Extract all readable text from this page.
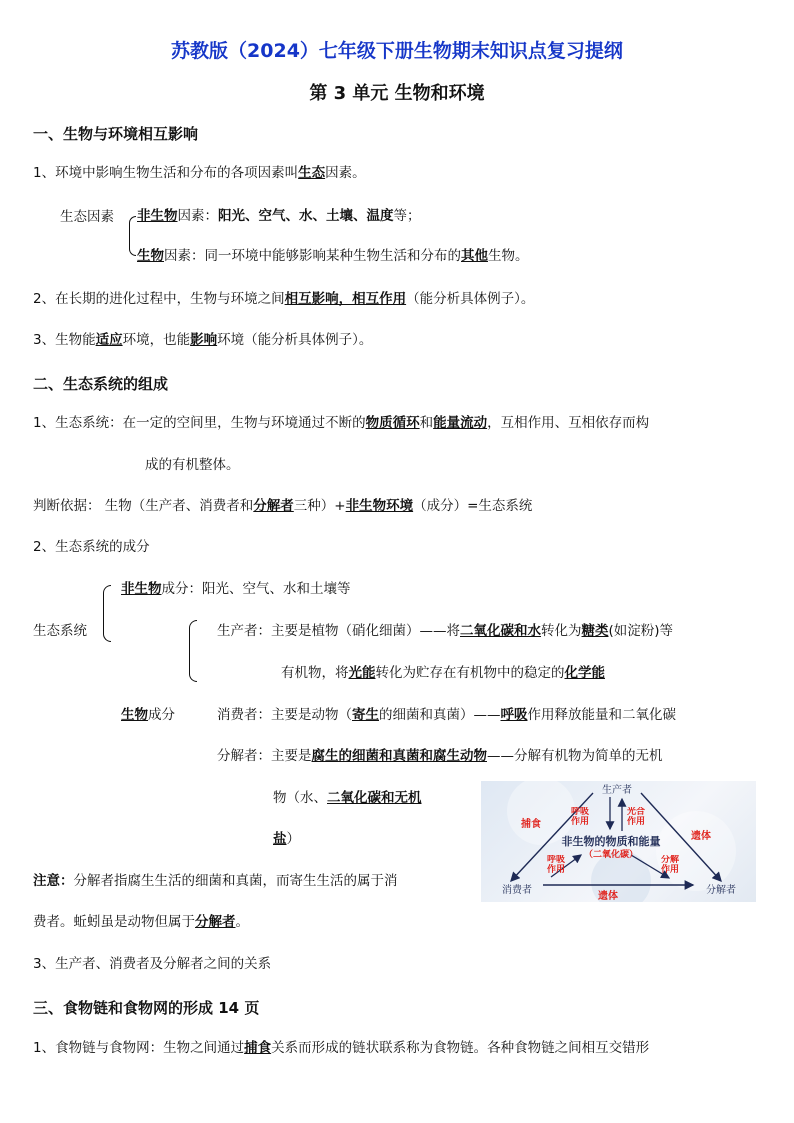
苏教版（2024）七年级下册生物期末知识点复习提纲
第 3 单元 生物和环境
一、生物与环境相互影响
1、环境中影响生物生活和分布的各项因素叫生态因素。
生态因素 非生物因素：阳光、空气、水、土壤、温度等；
生物因素：同一环境中能够影响某种生物生活和分布的其他生物。
2、在长期的进化过程中，生物与环境之间相互影响，相互作用（能分析具体例子）。
3、生物能适应环境，也能影响环境（能分析具体例子）。
二、生态系统的组成
1、生态系统：在一定的空间里，生物与环境通过不断的物质循环和能量流动，互相作用、互相依存而构
成的有机整体。
判断依据： 生物（生产者、消费者和分解者三种）+非生物环境（成分）=生态系统
2、生态系统的成分
非生物成分：阳光、空气、水和土壤等
生态系统	生产者：主要是植物（硝化细菌）——将二氧化碳和水转化为糖类(如淀粉)等
有机物，将光能转化为贮存在有机物中的稳定的化学能
生物成分	消费者：主要是动物（寄生的细菌和真菌）——呼吸作用释放能量和二氧化碳
分解者：主要是腐生的细菌和真菌和腐生动物——分解有机物为简单的无机
物（水、二氧化碳和无机
盐）
注意：分解者指腐生生活的细菌和真菌，而寄生生活的属于消
费者。蚯蚓虽是动物但属于分解者。
3、生产者、消费者及分解者之间的关系
生产者
消费者	分解者
非生物的物质和能量
（二氧化碳）
捕食
遗体
遗体
呼吸作用
光合作用
呼吸作用
分解作用
三、食物链和食物网的形成 14 页
1、食物链与食物网：生物之间通过捕食关系而形成的链状联系称为食物链。各种食物链之间相互交错形
